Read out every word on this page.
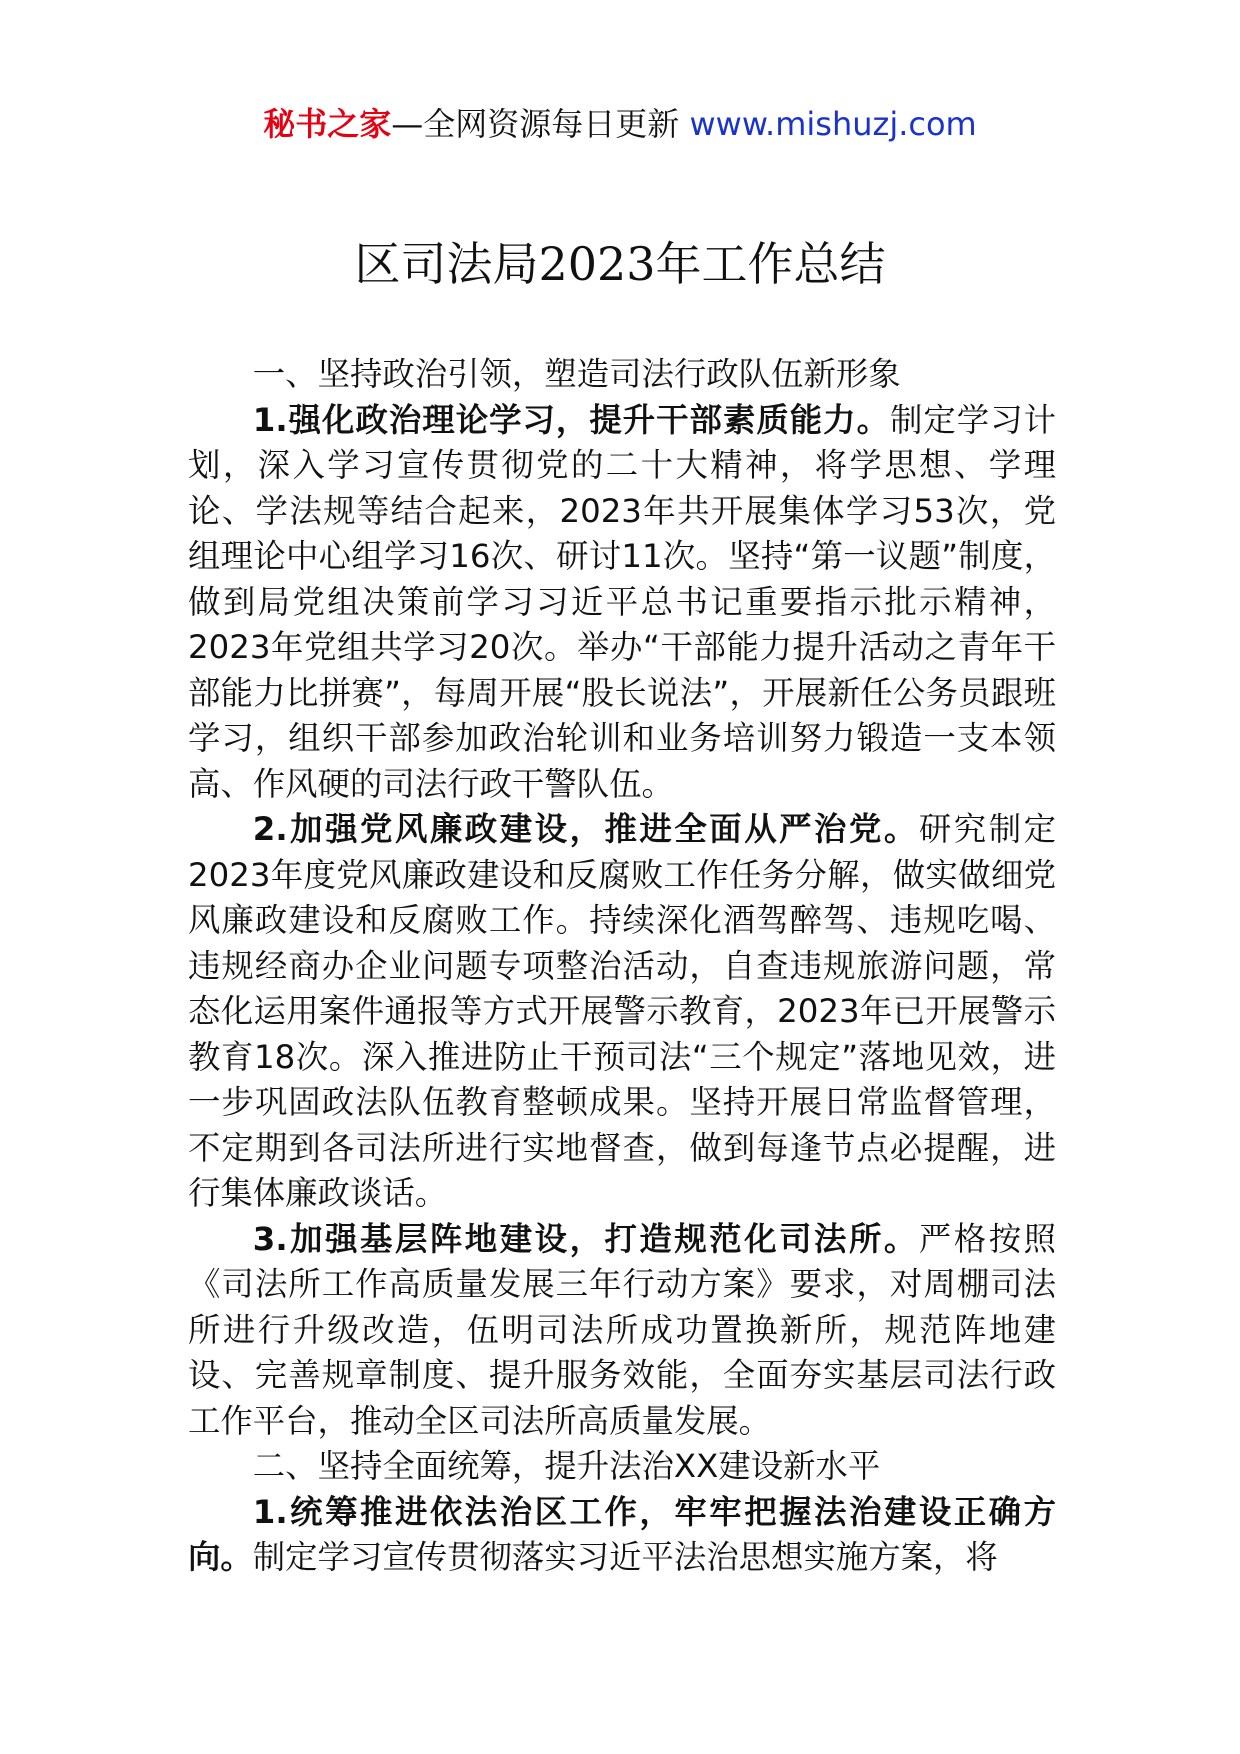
秘书之家—全网资源每日更新 www.mishuzj.com
区司法局2023年工作总结

一、坚持政治引领，塑造司法行政队伍新形象

1.强化政治理论学习，提升干部素质能力。制定学习计划，深入学习宣传贯彻党的二十大精神，将学思想、学理论、学法规等结合起来，2023年共开展集体学习53次，党组理论中心组学习16次、研讨11次。坚持“第一议题”制度，做到局党组决策前学习习近平总书记重要指示批示精神，2023年党组共学习20次。举办“干部能力提升活动之青年干部能力比拼赛”，每周开展“股长说法”，开展新任公务员跟班学习，组织干部参加政治轮训和业务培训努力锻造一支本领高、作风硬的司法行政干警队伍。

2.加强党风廉政建设，推进全面从严治党。研究制定2023年度党风廉政建设和反腐败工作任务分解，做实做细党风廉政建设和反腐败工作。持续深化酒驾醉驾、违规吃喝、违规经商办企业问题专项整治活动，自查违规旅游问题，常态化运用案件通报等方式开展警示教育，2023年已开展警示教育18次。深入推进防止干预司法“三个规定”落地见效，进一步巩固政法队伍教育整顿成果。坚持开展日常监督管理，不定期到各司法所进行实地督查，做到每逢节点必提醒，进行集体廉政谈话。

3.加强基层阵地建设，打造规范化司法所。严格按照《司法所工作高质量发展三年行动方案》要求，对周棚司法所进行升级改造，伍明司法所成功置换新所，规范阵地建设、完善规章制度、提升服务效能，全面夯实基层司法行政工作平台，推动全区司法所高质量发展。

二、坚持全面统筹，提升法治XX建设新水平

1.统筹推进依法治区工作，牢牢把握法治建设正确方向。制定学习宣传贯彻落实习近平法治思想实施方案，将
